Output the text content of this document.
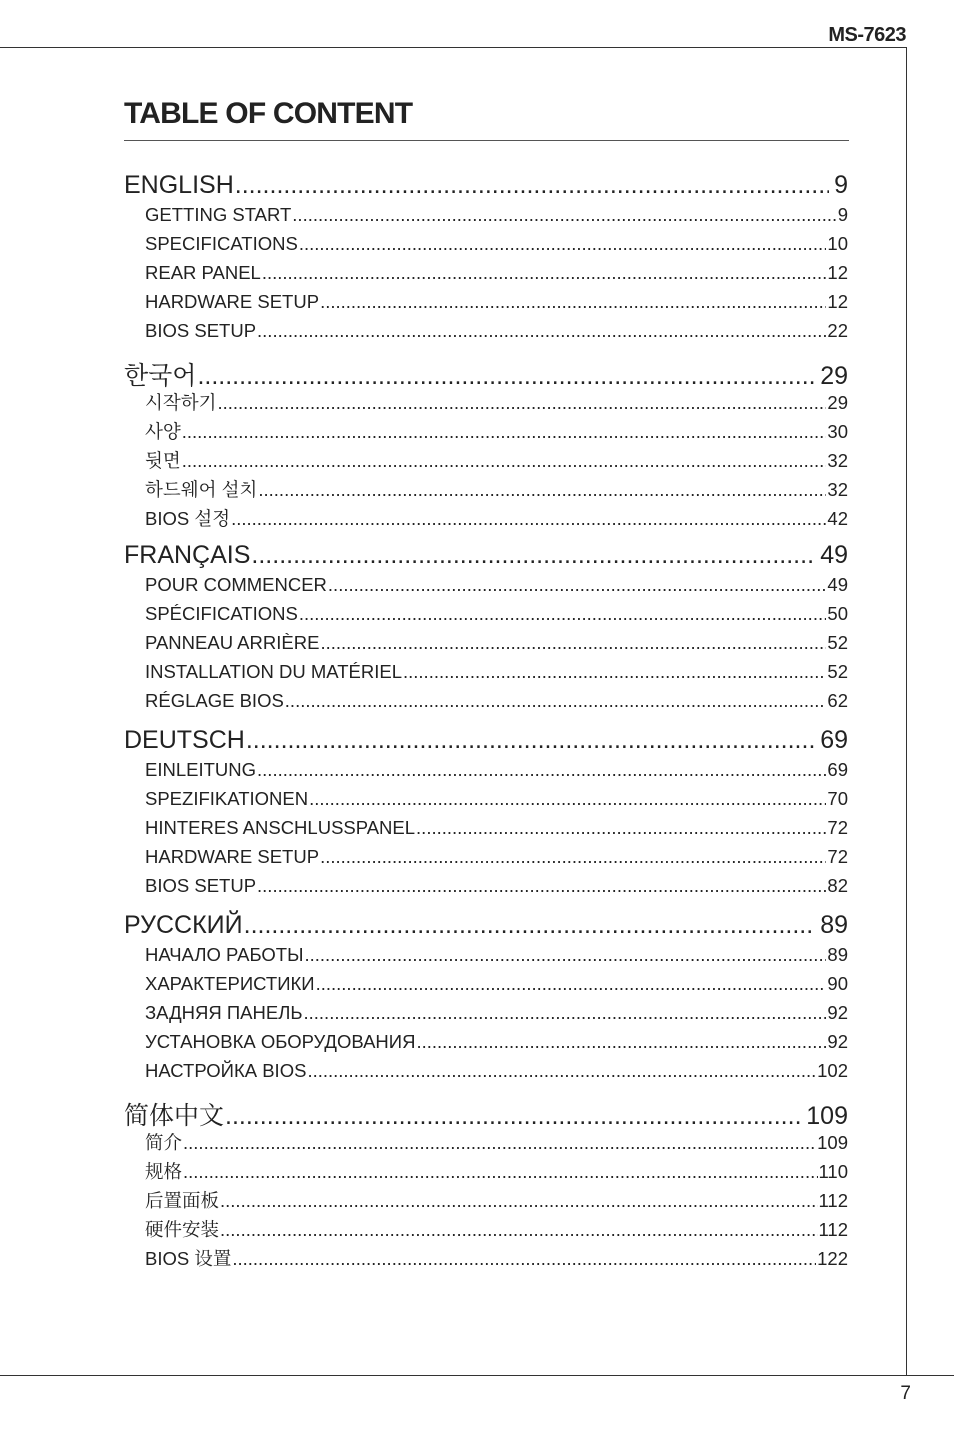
MS-7623
TABLE OF CONTENT
ENGLISH .....	9
GETTING START .....	9
SPECIFICATIONS .....	10
REAR PANEL .....	12
HARDWARE SETUP .....	12
BIOS SETUP .....	22
한국어 .....	29
시작하기 .....	29
사양 .....	30
뒷면 .....	32
하드웨어 설치 .....	32
BIOS 설정 .....	42
FRANÇAIS .....	49
POUR COMMENCER .....	49
SPÉCIFICATIONS .....	50
PANNEAU ARRIÈRE .....	52
INSTALLATION DU MATÉRIEL .....	52
RÉGLAGE BIOS .....	62
DEUTSCH .....	69
EINLEITUNG .....	69
SPEZIFIKATIONEN .....	70
HINTERES ANSCHLUSSPANEL .....	72
HARDWARE SETUP .....	72
BIOS SETUP .....	82
РУССКИЙ .....	89
НАЧАЛО РАБОТЫ .....	89
ХАРАКТЕРИСТИКИ .....	90
ЗАДНЯЯ ПАНЕЛЬ .....	92
УСТАНОВКА ОБОРУДОВАНИЯ .....	92
НАСТРОЙКА BIOS .....	102
简体中文 .....	109
简介 .....	109
规格 .....	110
后置面板 .....	112
硬件安装 .....	112
BIOS 设置 .....	122
7
